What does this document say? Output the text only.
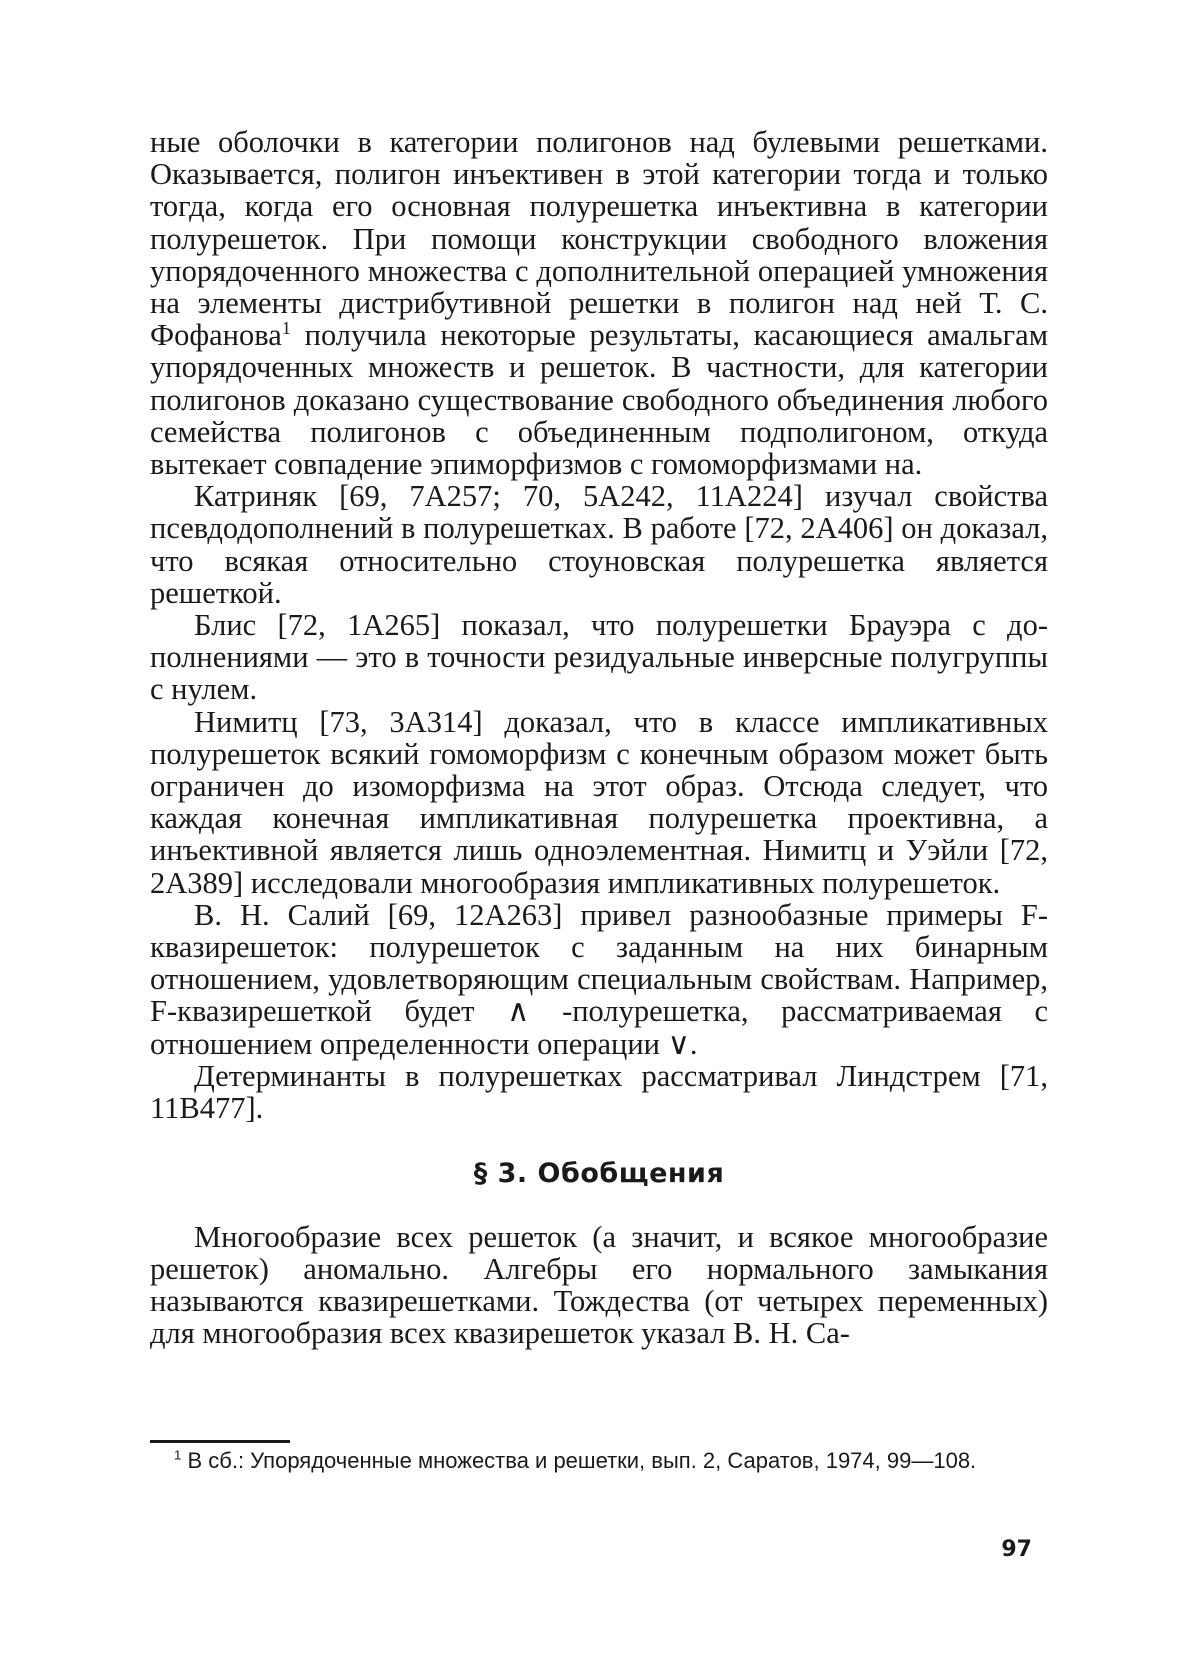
ные оболочки в категории полигонов над булевыми решетками. Оказывается, полигон инъективен в этой категории тогда и только тогда, когда его основная полурешетка инъективна в категории полурешеток. При помощи конструкции свободного вложения упорядоченного множества с дополнительной операцией умножения на элементы дистрибутивной решетки в полигон над ней Т. С. Фофанова$^1$ получила некоторые результаты, касающиеся амальгам упорядоченных множеств и решеток. В частности, для категории полигонов доказано существование свободного объединения любого семейства полигонов с объединенным подполигоном, откуда вытекает совпадение эпиморфизмов с гомоморфизмами на.

Катриняк [69, 7А257; 70, 5А242, 11А224] изучал свойства псевдодополнений в полурешетках. В работе [72, 2А406] он доказал, что всякая относительно стоуновская полурешетка является решеткой.

Блис [72, 1А265] показал, что полурешетки Брауэра с дополнениями — это в точности резидуальные инверсные полугруппы с нулем.

Нимитц [73, 3А314] доказал, что в классе импликативных полурешеток всякий гомоморфизм с конечным образом может быть ограничен до изоморфизма на этот образ. Отсюда следует, что каждая конечная импликативная полурешетка проективна, а инъективной является лишь одноэлементная. Нимитц и Уэйли [72, 2А389] исследовали многообразия импликативных полурешеток.

В. Н. Салий [69, 12А263] привел разнообазные примеры F-квазирешеток: полурешеток с заданным на них бинарным отношением, удовлетворяющим специальным свойствам. Например, F-квазирешеткой будет ∧ -полурешетка, рассматриваемая с отношением определенности операции ∨.

Детерминанты в полурешетках рассматривал Линдстрем [71, 11В477].

§ 3. Обобщения

Многообразие всех решеток (а значит, и всякое многообразие решеток) аномально. Алгебры его нормального замыкания называются квазирешетками. Тождества (от четырех переменных) для многообразия всех квазирешеток указал В. Н. Са-

$^1$ В сб.: Упорядоченные множества и решетки, вып. 2, Саратов, 1974, 99—108.
97
